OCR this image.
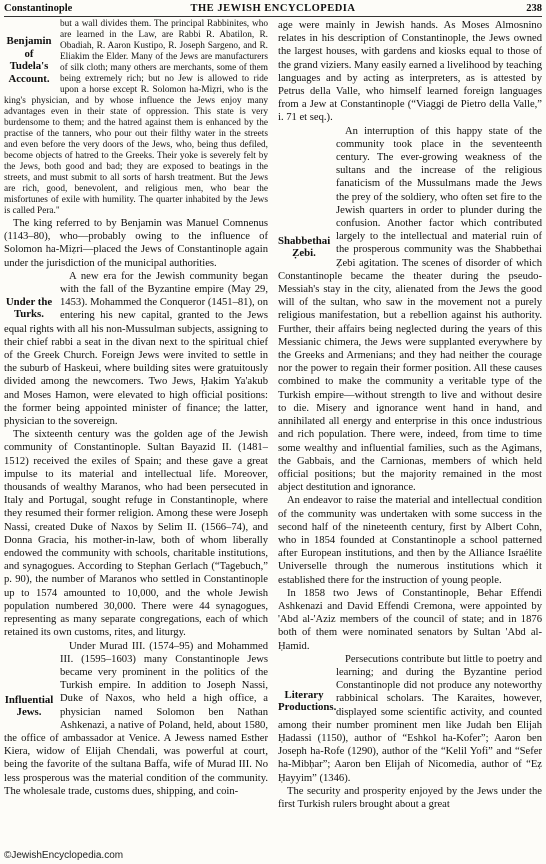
Constantinople	THE JEWISH ENCYCLOPEDIA	238
Benjamin of Tudela's Account.

but a wall divides them. The principal Rabbinites, who are learned in the Law, are Rabbi R. Abatilon, R. Obadiah, R. Aaron Kustipo, R. Joseph Sargeno, and R. Eliakim the Elder. Many of the Jews are manufacturers of silk cloth; many others are merchants, some of them being extremely rich; but no Jew is allowed to ride upon a horse except R. Solomon ha-Miẓri, who is the king's physician, and by whose influence the Jews enjoy many advantages even in their state of oppression. This state is very burdensome to them; and the hatred against them is enhanced by the practise of the tanners, who pour out their filthy water in the streets and even before the very doors of the Jews, who, being thus defiled, become objects of hatred to the Greeks. Their yoke is severely felt by the Jews, both good and bad; they are exposed to beatings in the streets, and must submit to all sorts of harsh treatment. But the Jews are rich, good, benevolent, and religious men, who bear the misfortunes of exile with humility. The quarter inhabited by the Jews is called Pera."

The king referred to by Benjamin was Manuel Comnenus (1143–80), who—probably owing to the influence of Solomon ha-Miẓri—placed the Jews of Constantinople again under the jurisdiction of the municipal authorities.

Under the Turks.

A new era for the Jewish community began with the fall of the Byzantine empire (May 29, 1453). Mohammed the Conqueror (1451–81), on entering his new capital, granted to the Jews equal rights with all his non-Mussulman subjects, assigning to their chief rabbi a seat in the divan next to the spiritual chief of the Greek Church. Foreign Jews were invited to settle in the suburb of Haskeui, where building sites were gratuitously divided among the newcomers. Two Jews, Ḥakim Ya'akub and Moses Hamon, were elevated to high official positions: the former being appointed minister of finance; the latter, physician to the sovereign.

The sixteenth century was the golden age of the Jewish community of Constantinople. Sultan Bayazid II. (1481–1512) received the exiles of Spain; and these gave a great impulse to its material and intellectual life. Moreover, thousands of wealthy Maranos, who had been persecuted in Italy and Portugal, sought refuge in Constantinople, where they resumed their former religion. Among these were Joseph Nassi, created Duke of Naxos by Selim II. (1566–74), and Donna Gracia, his mother-in-law, both of whom liberally endowed the community with schools, charitable institutions, and synagogues. According to Stephan Gerlach (“Tagebuch,” p. 90), the number of Maranos who settled in Constantinople up to 1574 amounted to 10,000, and the whole Jewish population numbered 30,000. There were 44 synagogues, representing as many separate congregations, each of which retained its own customs, rites, and liturgy.

Influential Jews.

Under Murad III. (1574–95) and Mohammed III. (1595–1603) many Constantinople Jews became very prominent in the politics of the Turkish empire. In addition to Joseph Nassi, Duke of Naxos, who held a high office, a physician named Solomon ben Nathan Ashkenazi, a native of Poland, held, about 1580, the office of ambassador at Venice. A Jewess named Esther Kiera, widow of Elijah Chendali, was powerful at court, being the favorite of the sultana Baffa, wife of Murad III. No less prosperous was the material condition of the community. The wholesale trade, customs dues, shipping, and coin-

age were mainly in Jewish hands. As Moses Almosnino relates in his description of Constantinople, the Jews owned the largest houses, with gardens and kiosks equal to those of the grand viziers. Many easily earned a livelihood by teaching languages and by acting as interpreters, as is attested by Petrus della Valle, who himself learned foreign languages from a Jew at Constantinople (“Viaggi de Pietro della Valle,” i. 71 et seq.).

Shabbethai Ẓebi.

An interruption of this happy state of the community took place in the seventeenth century. The ever-growing weakness of the sultans and the increase of the religious fanaticism of the Mussulmans made the Jews the prey of the soldiery, who often set fire to the Jewish quarters in order to plunder during the confusion. Another factor which contributed largely to the intellectual and material ruin of the prosperous community was the Shabbethai Ẓebi agitation. The scenes of disorder of which Constantinople became the theater during the pseudo-Messiah's stay in the city, alienated from the Jews the good will of the sultan, who saw in the movement not a purely religious manifestation, but a rebellion against his authority. Further, their affairs being neglected during the years of this Messianic chimera, the Jews were supplanted everywhere by the Greeks and Armenians; and they had neither the courage nor the power to regain their former position. All these causes combined to make the community a veritable type of the Turkish empire—without strength to live and without desire to die. Misery and ignorance went hand in hand, and annihilated all energy and enterprise in this once industrious and rich population. There were, indeed, from time to time some wealthy and influential families, such as the Agimans, the Gabbais, and the Carnionas, members of which held official positions; but the majority remained in the most abject destitution and ignorance.

An endeavor to raise the material and intellectual condition of the community was undertaken with some success in the second half of the nineteenth century, first by Albert Cohn, who in 1854 founded at Constantinople a school patterned after European institutions, and then by the Alliance Israélite Universelle through the numerous institutions which it established there for the instruction of young people.

In 1858 two Jews of Constantinople, Behar Effendi Ashkenazi and David Effendi Cremona, were appointed by 'Abd al-'Aziz members of the council of state; and in 1876 both of them were nominated senators by Sultan 'Abd al-Ḥamid.

Literary Productions.

Persecutions contribute but little to poetry and learning; and during the Byzantine period Constantinople did not produce any noteworthy rabbinical scholars. The Karaites, however, displayed some scientific activity, and counted among their number prominent men like Judah ben Elijah Ḥadassi (1150), author of “Eshkol ha-Kofer”; Aaron ben Joseph ha-Rofe (1290), author of the “Kelil Yofi” and “Sefer ha-Mibḥar”; Aaron ben Elijah of Nicomedia, author of “Eẓ Ḥayyim” (1346).

The security and prosperity enjoyed by the Jews under the first Turkish rulers brought about a great

©JewishEncyclopedia.com
